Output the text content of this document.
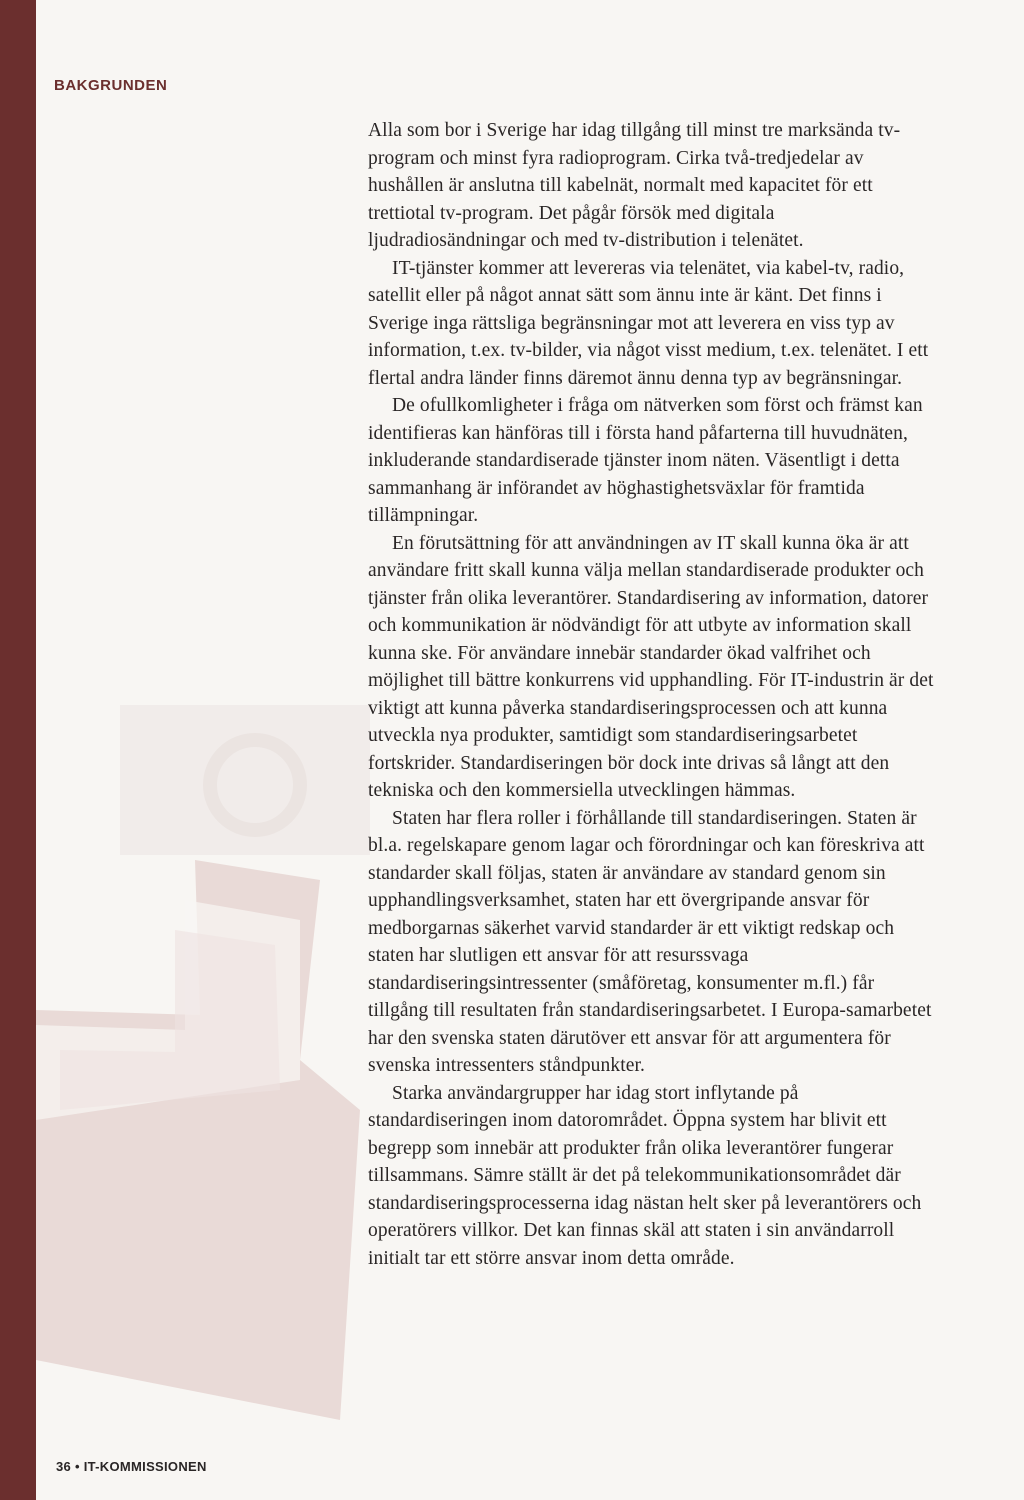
BAKGRUNDEN

Alla som bor i Sverige har idag tillgång till minst tre marksända tv-program och minst fyra radioprogram. Cirka två-tredjedelar av hushållen är anslutna till kabelnät, normalt med kapacitet för ett trettiotal tv-program. Det pågår försök med digitala ljudradiosändningar och med tv-distribution i telenätet.

IT-tjänster kommer att levereras via telenätet, via kabel-tv, radio, satellit eller på något annat sätt som ännu inte är känt. Det finns i Sverige inga rättsliga begränsningar mot att leverera en viss typ av information, t.ex. tv-bilder, via något visst medium, t.ex. telenätet. I ett flertal andra länder finns däremot ännu denna typ av begränsningar.

De ofullkomligheter i fråga om nätverken som först och främst kan identifieras kan hänföras till i första hand påfarterna till huvudnäten, inkluderande standardiserade tjänster inom näten. Väsentligt i detta sammanhang är införandet av höghastighetsväxlar för framtida tillämpningar.

En förutsättning för att användningen av IT skall kunna öka är att användare fritt skall kunna välja mellan standardiserade produkter och tjänster från olika leverantörer. Standardisering av information, datorer och kommunikation är nödvändigt för att utbyte av information skall kunna ske. För användare innebär standarder ökad valfrihet och möjlighet till bättre konkurrens vid upphandling. För IT-industrin är det viktigt att kunna påverka standardiseringsprocessen och att kunna utveckla nya produkter, samtidigt som standardiseringsarbetet fortskrider. Standardiseringen bör dock inte drivas så långt att den tekniska och den kommersiella utvecklingen hämmas.

Staten har flera roller i förhållande till standardiseringen. Staten är bl.a. regelskapare genom lagar och förordningar och kan föreskriva att standarder skall följas, staten är användare av standard genom sin upphandlingsverksamhet, staten har ett övergripande ansvar för medborgarnas säkerhet varvid standarder är ett viktigt redskap och staten har slutligen ett ansvar för att resurssvaga standardiseringsintressenter (småföretag, konsumenter m.fl.) får tillgång till resultaten från standardiseringsarbetet. I Europa-samarbetet har den svenska staten därutöver ett ansvar för att argumentera för svenska intressenters ståndpunkter.

Starka användargrupper har idag stort inflytande på standardiseringen inom datorområdet. Öppna system har blivit ett begrepp som innebär att produkter från olika leverantörer fungerar tillsammans. Sämre ställt är det på telekommunikationsområdet där standardiseringsprocesserna idag nästan helt sker på leverantörers och operatörers villkor. Det kan finnas skäl att staten i sin användarroll initialt tar ett större ansvar inom detta område.

36 • IT-KOMMISSIONEN
